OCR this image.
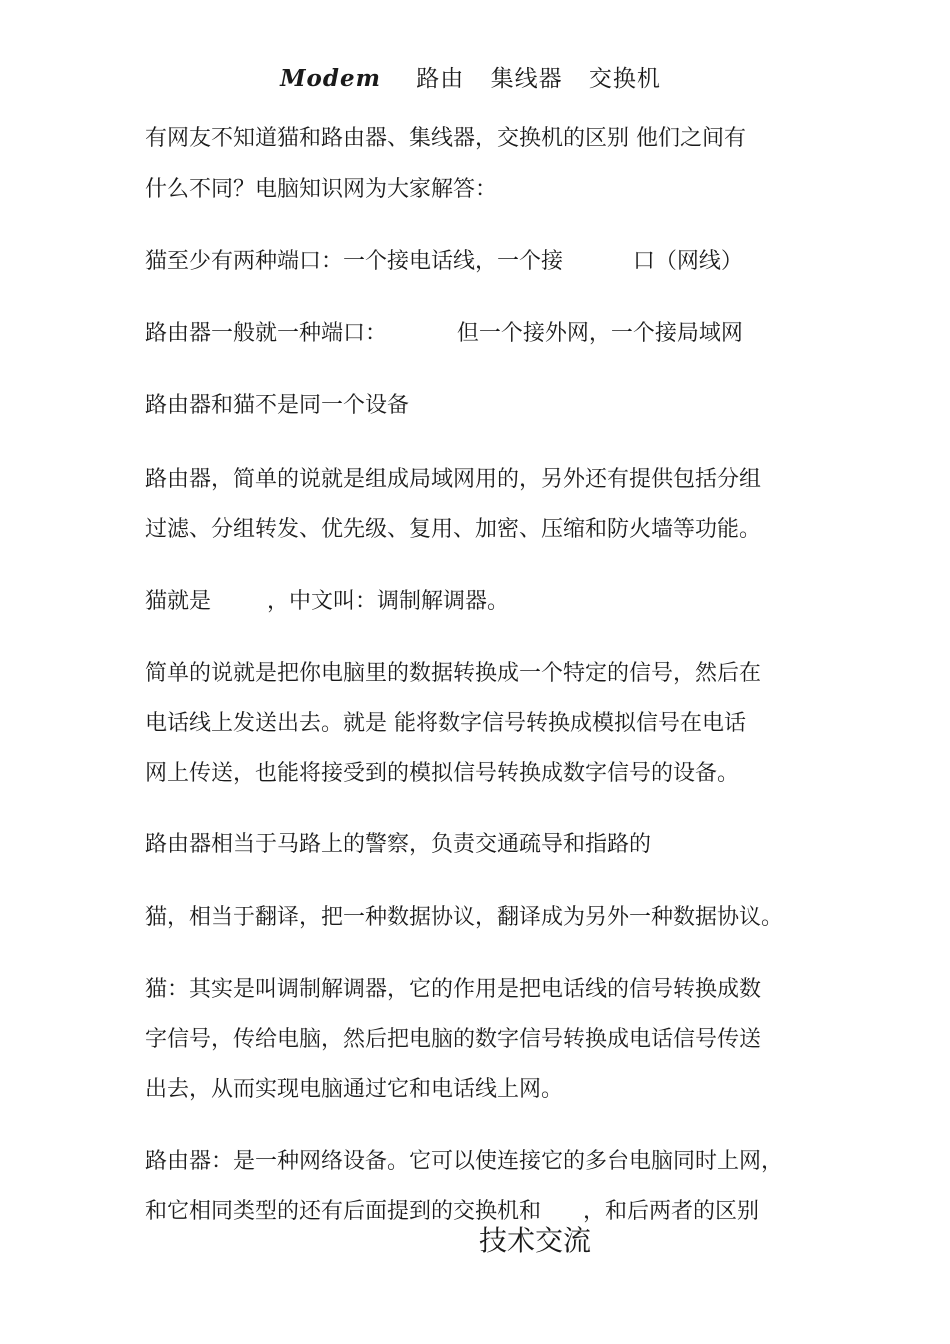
Modem 路由 集线器 交换机
有网友不知道猫和路由器、集线器，交换机的区别 他们之间有
什么不同？电脑知识网为大家解答：
猫至少有两种端口：一个接电话线，一个接          口（网线）
路由器一般就一种端口：          但一个接外网，一个接局域网
路由器和猫不是同一个设备
路由器，简单的说就是组成局域网用的，另外还有提供包括分组
过滤、分组转发、优先级、复用、加密、压缩和防火墙等功能。
猫就是        ，中文叫：调制解调器。
简单的说就是把你电脑里的数据转换成一个特定的信号，然后在
电话线上发送出去。就是 能将数字信号转换成模拟信号在电话
网上传送，也能将接受到的模拟信号转换成数字信号的设备。
路由器相当于马路上的警察，负责交通疏导和指路的
猫，相当于翻译，把一种数据协议，翻译成为另外一种数据协议。
猫：其实是叫调制解调器，它的作用是把电话线的信号转换成数
字信号，传给电脑，然后把电脑的数字信号转换成电话信号传送
出去，从而实现电脑通过它和电话线上网。
路由器：是一种网络设备。它可以使连接它的多台电脑同时上网，
和它相同类型的还有后面提到的交换机和      ，和后两者的区别
技术交流
